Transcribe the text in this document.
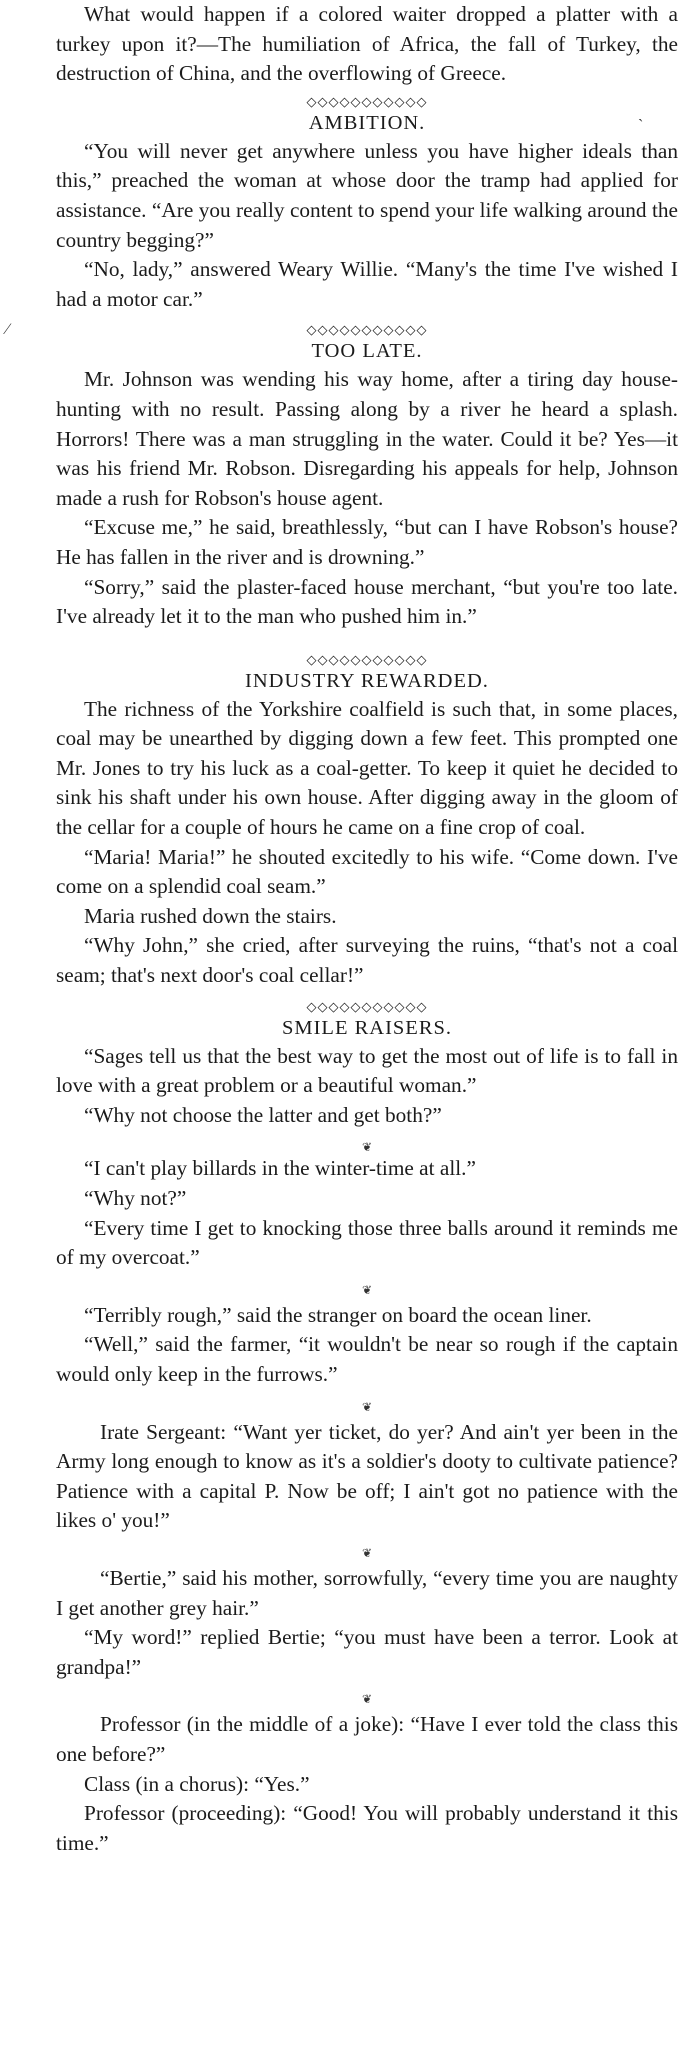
What would happen if a colored waiter dropped a platter with a turkey upon it?—The humiliation of Africa, the fall of Turkey, the destruction of China, and the overflowing of Greece.

◇◇◇◇◇◇◇◇◇◇◇
AMBITION.

“You will never get anywhere unless you have higher ideals than this,” preached the woman at whose door the tramp had applied for assistance. “Are you really content to spend your life walking around the country begging?”

“No, lady,” answered Weary Willie. “Many's the time I've wished I had a motor car.”

◇◇◇◇◇◇◇◇◇◇◇
TOO LATE.

Mr. Johnson was wending his way home, after a tiring day house-hunting with no result. Passing along by a river he heard a splash. Horrors! There was a man struggling in the water. Could it be? Yes—it was his friend Mr. Robson. Disregarding his appeals for help, Johnson made a rush for Robson's house agent.

“Excuse me,” he said, breathlessly, “but can I have Robson's house? He has fallen in the river and is drowning.”

“Sorry,” said the plaster-faced house merchant, “but you're too late. I've already let it to the man who pushed him in.”

◇◇◇◇◇◇◇◇◇◇◇
INDUSTRY REWARDED.

The richness of the Yorkshire coalfield is such that, in some places, coal may be unearthed by digging down a few feet. This prompted one Mr. Jones to try his luck as a coal-getter. To keep it quiet he decided to sink his shaft under his own house. After digging away in the gloom of the cellar for a couple of hours he came on a fine crop of coal.

“Maria! Maria!” he shouted excitedly to his wife. “Come down. I've come on a splendid coal seam.”

Maria rushed down the stairs.

“Why John,” she cried, after surveying the ruins, “that's not a coal seam; that's next door's coal cellar!”

◇◇◇◇◇◇◇◇◇◇◇
SMILE RAISERS.

“Sages tell us that the best way to get the most out of life is to fall in love with a great problem or a beautiful woman.”

“Why not choose the latter and get both?”

❦

“I can't play billards in the winter-time at all.”

“Why not?”

“Every time I get to knocking those three balls around it reminds me of my overcoat.”

❦

“Terribly rough,” said the stranger on board the ocean liner.

“Well,” said the farmer, “it wouldn't be near so rough if the captain would only keep in the furrows.”

❦

Irate Sergeant: “Want yer ticket, do yer? And ain't yer been in the Army long enough to know as it's a soldier's dooty to cultivate patience? Patience with a capital P. Now be off; I ain't got no patience with the likes o' you!”

❦

“Bertie,” said his mother, sorrowfully, “every time you are naughty I get another grey hair.”

“My word!” replied Bertie; “you must have been a terror. Look at grandpa!”

❦

Professor (in the middle of a joke): “Have I ever told the class this one before?”

Class (in a chorus): “Yes.”

Professor (proceeding): “Good! You will probably understand it this time.”

ˋ
⁄
